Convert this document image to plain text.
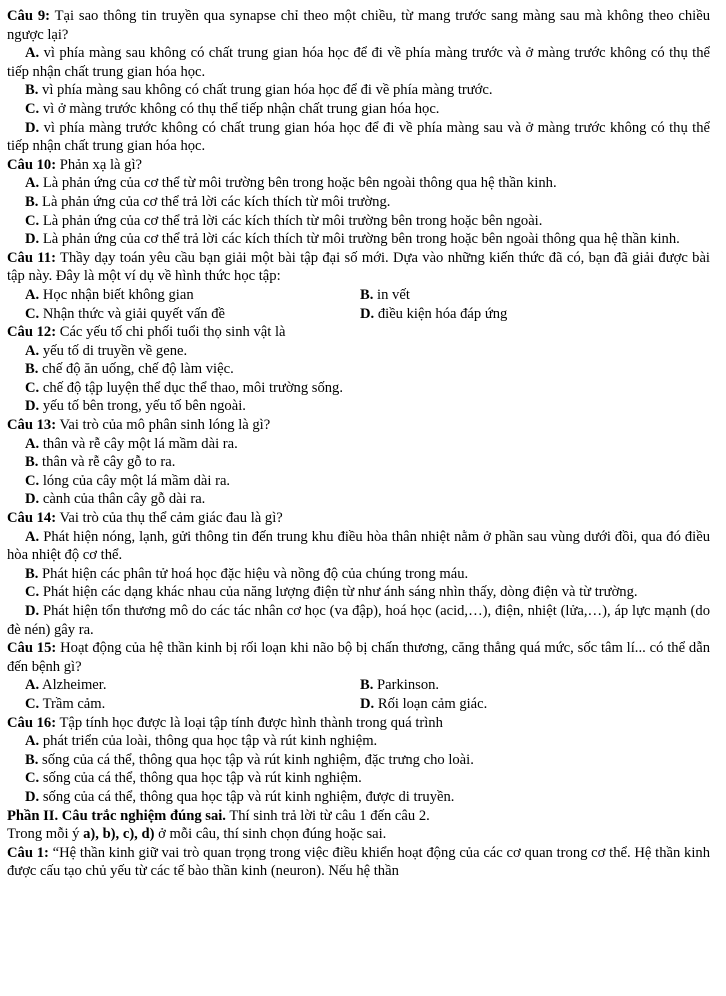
Câu 9: Tại sao thông tin truyền qua synapse chỉ theo một chiều, từ mang trước sang màng sau mà không theo chiều ngược lại?

A. vì phía màng sau không có chất trung gian hóa học để đi về phía màng trước và ở màng trước không có thụ thể tiếp nhận chất trung gian hóa học.

B. vì phía màng sau không có chất trung gian hóa học để đi về phía màng trước.

C. vì ở màng trước không có thụ thể tiếp nhận chất trung gian hóa học.

D. vì phía màng trước không có chất trung gian hóa học để đi về phía màng sau và ở màng trước không có thụ thể tiếp nhận chất trung gian hóa học.

Câu 10: Phản xạ là gì?

A. Là phản ứng của cơ thể từ môi trường bên trong hoặc bên ngoài thông qua hệ thần kinh.

B. Là phản ứng của cơ thể trả lời các kích thích từ môi trường.

C. Là phản ứng của cơ thể trả lời các kích thích từ môi trường bên trong hoặc bên ngoài.

D. Là phản ứng của cơ thể trả lời các kích thích từ môi trường bên trong hoặc bên ngoài thông qua hệ thần kinh.

Câu 11: Thầy dạy toán yêu cầu bạn giải một bài tập đại số mới. Dựa vào những kiến thức đã có, bạn đã giải được bài tập này. Đây là một ví dụ về hình thức học tập:

A. Học nhận biết không gian	B. in vết
C. Nhận thức và giải quyết vấn đề	D. điều kiện hóa đáp ứng

Câu 12: Các yếu tố chi phối tuổi thọ sinh vật là

A. yếu tố di truyền về gene.

B. chế độ ăn uống, chế độ làm việc.

C. chế độ tập luyện thể dục thể thao, môi trường sống.

D. yếu tố bên trong, yếu tố bên ngoài.

Câu 13: Vai trò của mô phân sinh lóng là gì?

A. thân và rễ cây một lá mầm dài ra.

B. thân và rễ cây gỗ to ra.

C. lóng của cây một lá mầm dài ra.

D. cành của thân cây gỗ dài ra.

Câu 14: Vai trò của thụ thể cảm giác đau là gì?

A. Phát hiện nóng, lạnh, gửi thông tin đến trung khu điều hòa thân nhiệt nằm ở phần sau vùng dưới đồi, qua đó điều hòa nhiệt độ cơ thể.

B. Phát hiện các phân tử hoá học đặc hiệu và nồng độ của chúng trong máu.

C. Phát hiện các dạng khác nhau của năng lượng điện từ như ánh sáng nhìn thấy, dòng điện và từ trường.

D. Phát hiện tổn thương mô do các tác nhân cơ học (va đập), hoá học (acid,…), điện, nhiệt (lửa,…), áp lực mạnh (do đè nén) gây ra.

Câu 15: Hoạt động của hệ thần kinh bị rối loạn khi não bộ bị chấn thương, căng thẳng quá mức, sốc tâm lí... có thể dẫn đến bệnh gì?

A. Alzheimer.	B. Parkinson.
C. Trầm cảm.	D. Rối loạn cảm giác.

Câu 16: Tập tính học được là loại tập tính được hình thành trong quá trình

A. phát triển của loài, thông qua học tập và rút kinh nghiệm.

B. sống của cá thể, thông qua học tập và rút kinh nghiệm, đặc trưng cho loài.

C. sống của cá thể, thông qua học tập và rút kinh nghiệm.

D. sống của cá thể, thông qua học tập và rút kinh nghiệm, được di truyền.

Phần II. Câu trắc nghiệm đúng sai. Thí sinh trả lời từ câu 1 đến câu 2.

Trong mỗi ý a), b), c), d) ở mỗi câu, thí sinh chọn đúng hoặc sai.

Câu 1: “Hệ thần kinh giữ vai trò quan trọng trong việc điều khiển hoạt động của các cơ quan trong cơ thể. Hệ thần kinh được cấu tạo chủ yếu từ các tế bào thần kinh (neuron). Nếu hệ thần
